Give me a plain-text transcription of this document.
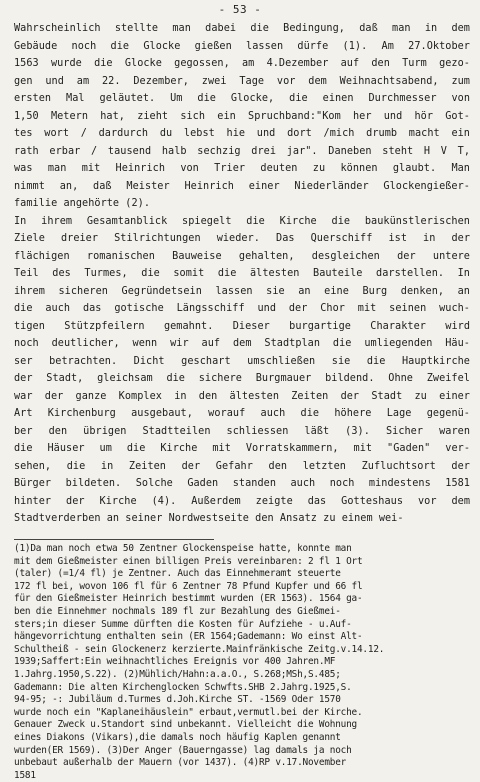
- 53 -
Wahrscheinlich stellte man dabei die Bedingung, daß man in dem
Gebäude noch die Glocke gießen lassen dürfe (1). Am 27.Oktober
1563 wurde die Glocke gegossen, am 4.Dezember auf den Turm gezo-
gen und am 22. Dezember, zwei Tage vor dem Weihnachtsabend, zum
ersten Mal geläutet. Um die Glocke, die einen Durchmesser von
1,50 Metern hat, zieht sich ein Spruchband:"Kom her und hör Got-
tes wort / dardurch du lebst hie und dort /mich drumb macht ein
rath erbar / tausend halb sechzig drei jar". Daneben steht H V T,
was man mit Heinrich von Trier deuten zu können glaubt. Man
nimmt an, daß Meister Heinrich einer Niederländer Glockengießer-
familie angehörte (2).
In ihrem Gesamtanblick spiegelt die Kirche die baukünstlerischen
Ziele dreier Stilrichtungen wieder. Das Querschiff ist in der
flächigen romanischen Bauweise gehalten, desgleichen der untere
Teil des Turmes, die somit die ältesten Bauteile darstellen. In
ihrem sicheren Gegründetsein lassen sie an eine Burg denken, an
die auch das gotische Längsschiff und der Chor mit seinen wuch-
tigen Stützpfeilern gemahnt. Dieser burgartige Charakter wird
noch deutlicher, wenn wir auf dem Stadtplan die umliegenden Häu-
ser betrachten. Dicht geschart umschließen sie die Hauptkirche
der Stadt, gleichsam die sichere Burgmauer bildend. Ohne Zweifel
war der ganze Komplex in den ältesten Zeiten der Stadt zu einer
Art Kirchenburg ausgebaut, worauf auch die höhere Lage gegenü-
ber den übrigen Stadtteilen schliessen läßt (3). Sicher waren
die Häuser um die Kirche mit Vorratskammern, mit "Gaden" ver-
sehen, die in Zeiten der Gefahr den letzten Zufluchtsort der
Bürger bildeten. Solche Gaden standen auch noch mindestens 1581
hinter der Kirche (4). Außerdem zeigte das Gotteshaus vor dem
Stadtverderben an seiner Nordwestseite den Ansatz zu einem wei-
(1)Da man noch etwa 50 Zentner Glockenspeise hatte, konnte man
mit dem Gießmeister einen billigen Preis vereinbaren: 2 fl 1 Ort
(taler) (=1/4 fl) je Zentner. Auch das Einnehmeramt steuerte
172 fl bei, wovon 106 fl für 6 Zentner 78 Pfund Kupfer und 66 fl
für den Gießmeister Heinrich bestimmt wurden (ER 1563). 1564 ga-
ben die Einnehmer nochmals 189 fl zur Bezahlung des Gießmei-
sters;in dieser Summe dürften die Kosten für Aufziehe - u.Auf-
hängevorrichtung enthalten sein (ER 1564;Gademann: Wo einst Alt-
Schultheiß - sein Glockenerz kerzierte.Mainfränkische Zeitg.v.14.12.
1939;Saffert:Ein weihnachtliches Ereignis vor 400 Jahren.MF
1.Jahrg.1950,S.22). (2)Mühlich/Hahn:a.a.O., S.268;MSh,S.485;
Gademann: Die alten Kirchenglocken Schwfts.SHB 2.Jahrg.1925,S.
94-95; -: Jubiläum d.Turmes d.Joh.Kirche ST. -1569 Oder 1570
wurde noch ein "Kaplaneihäuslein" erbaut,vermutl.bei der Kirche.
Genauer Zweck u.Standort sind unbekannt. Vielleicht die Wohnung
eines Diakons (Vikars),die damals noch häufig Kaplen genannt
wurden(ER 1569). (3)Der Anger (Bauerngasse) lag damals ja noch
unbebaut außerhalb der Mauern (vor 1437). (4)RP v.17.November
1581
